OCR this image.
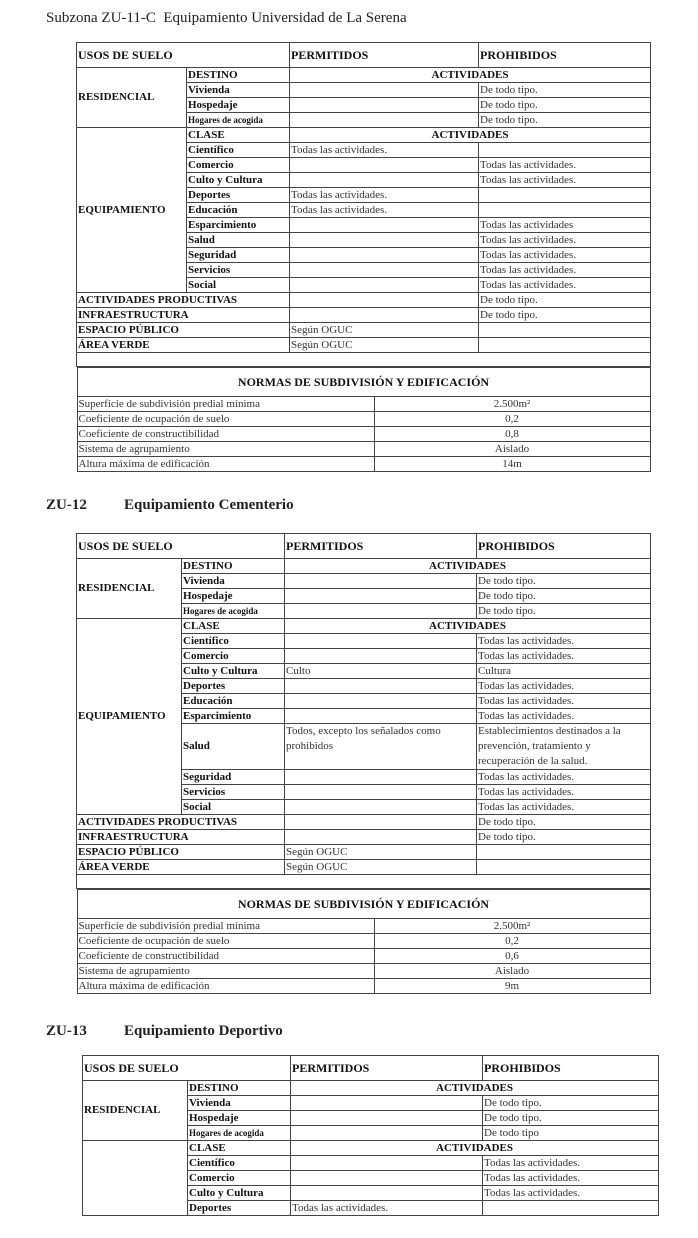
Subzona ZU-11-C Equipamiento Universidad de La Serena
USOS DE SUELO	PERMITIDOS	PROHIBIDOS
RESIDENCIAL	DESTINO	ACTIVIDADES
Vivienda		De todo tipo.
Hospedaje		De todo tipo.
Hogares de acogida		De todo tipo.
EQUIPAMIENTO	CLASE	ACTIVIDADES
Científico	Todas las actividades.	
Comercio		Todas las actividades.
Culto y Cultura		Todas las actividades.
Deportes	Todas las actividades.	
Educación	Todas las actividades.	
Esparcimiento		Todas las actividades
Salud		Todas las actividades.
Seguridad		Todas las actividades.
Servicios		Todas las actividades.
Social		Todas las actividades.
ACTIVIDADES PRODUCTIVAS		De todo tipo.
INFRAESTRUCTURA		De todo tipo.
ESPACIO PÚBLICO	Según OGUC	
ÁREA VERDE	Según OGUC	

NORMAS DE SUBDIVISIÓN Y EDIFICACIÓN
Superficie de subdivisión predial mínima	2.500m²
Coeficiente de ocupación de suelo	0,2
Coeficiente de constructibilidad	0,8
Sistema de agrupamiento	Aislado
Altura máxima de edificación	14m
ZU-12 Equipamiento Cementerio
USOS DE SUELO	PERMITIDOS	PROHIBIDOS
RESIDENCIAL	DESTINO	ACTIVIDADES
Vivienda		De todo tipo.
Hospedaje		De todo tipo.
Hogares de acogida		De todo tipo.
EQUIPAMIENTO	CLASE	ACTIVIDADES
Científico		Todas las actividades.
Comercio		Todas las actividades.
Culto y Cultura	Culto	Cultura
Deportes		Todas las actividades.
Educación		Todas las actividades.
Esparcimiento		Todas las actividades.
Salud	Todos, excepto los señalados como prohibidos	Establecimientos destinados a la prevención, tratamiento y recuperación de la salud.
Seguridad		Todas las actividades.
Servicios		Todas las actividades.
Social		Todas las actividades.
ACTIVIDADES PRODUCTIVAS		De todo tipo.
INFRAESTRUCTURA		De todo tipo.
ESPACIO PÚBLICO	Según OGUC	
ÁREA VERDE	Según OGUC	

NORMAS DE SUBDIVISIÓN Y EDIFICACIÓN
Superficie de subdivisión predial mínima	2.500m²
Coeficiente de ocupación de suelo	0,2
Coeficiente de constructibilidad	0,6
Sistema de agrupamiento	Aislado
Altura máxima de edificación	9m
ZU-13 Equipamiento Deportivo
USOS DE SUELO		PERMITIDOS	PROHIBIDOS
RESIDENCIAL	DESTINO	ACTIVIDADES	
	Vivienda		De todo tipo.
	Hospedaje		De todo tipo.
	Hogares de acogida		De todo tipo
	CLASE	ACTIVIDADES	
	Científico		Todas las actividades.
	Comercio		Todas las actividades.
	Culto y Cultura		Todas las actividades.
	Deportes	Todas las actividades.	
